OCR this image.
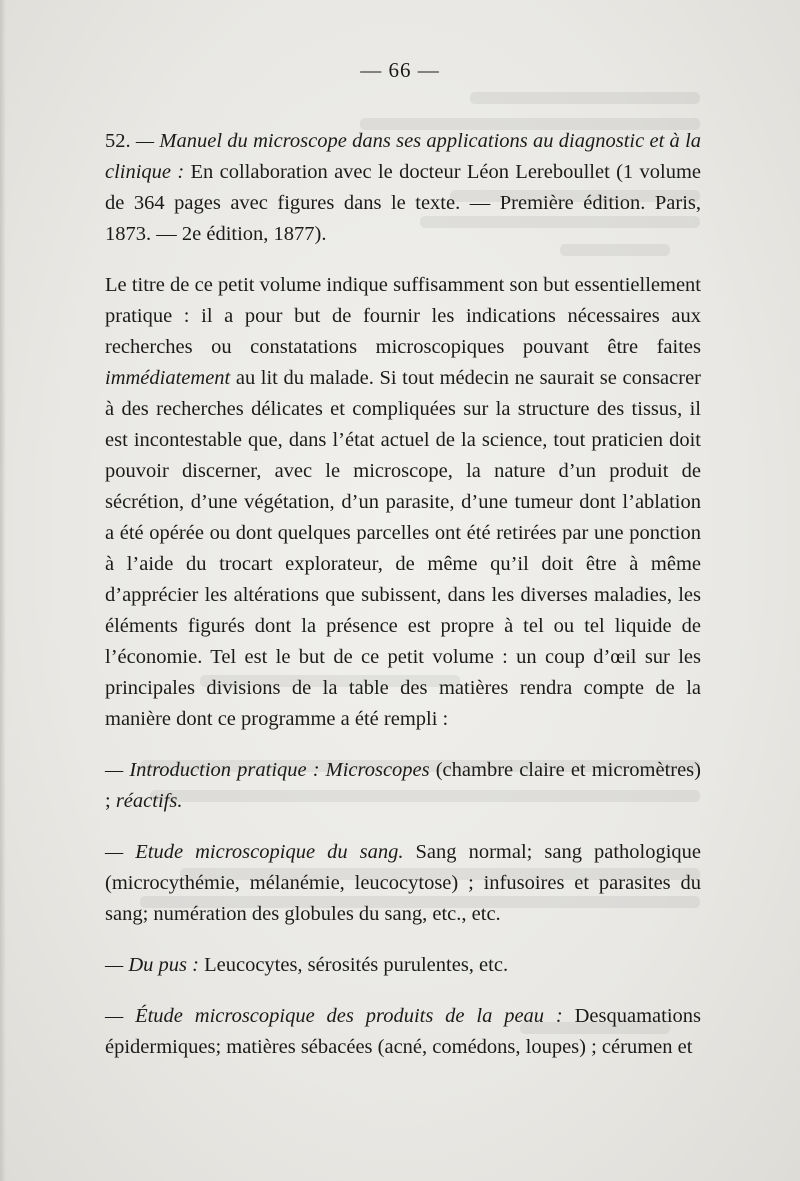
— 66 —

52. — Manuel du microscope dans ses applications au diagnostic et à la clinique : En collaboration avec le docteur Léon Lereboullet (1 volume de 364 pages avec figures dans le texte. — Première édition. Paris, 1873. — 2e édition, 1877).

Le titre de ce petit volume indique suffisamment son but essentiellement pratique : il a pour but de fournir les indications nécessaires aux recherches ou constatations microscopiques pouvant être faites immédiatement au lit du malade. Si tout médecin ne saurait se consacrer à des recherches délicates et compliquées sur la structure des tissus, il est incontestable que, dans l’état actuel de la science, tout praticien doit pouvoir discerner, avec le microscope, la nature d’un produit de sécrétion, d’une végétation, d’un parasite, d’une tumeur dont l’ablation a été opérée ou dont quelques parcelles ont été retirées par une ponction à l’aide du trocart explorateur, de même qu’il doit être à même d’apprécier les altérations que subissent, dans les diverses maladies, les éléments figurés dont la présence est propre à tel ou tel liquide de l’économie. Tel est le but de ce petit volume : un coup d’œil sur les principales divisions de la table des matières rendra compte de la manière dont ce programme a été rempli :

— Introduction pratique : Microscopes (chambre claire et micromètres) ; réactifs.

— Etude microscopique du sang. Sang normal; sang pathologique (microcythémie, mélanémie, leucocytose) ; infusoires et parasites du sang; numération des globules du sang, etc., etc.

— Du pus : Leucocytes, sérosités purulentes, etc.

— Étude microscopique des produits de la peau : Desquamations épidermiques; matières sébacées (acné, comédons, loupes) ; cérumen et
